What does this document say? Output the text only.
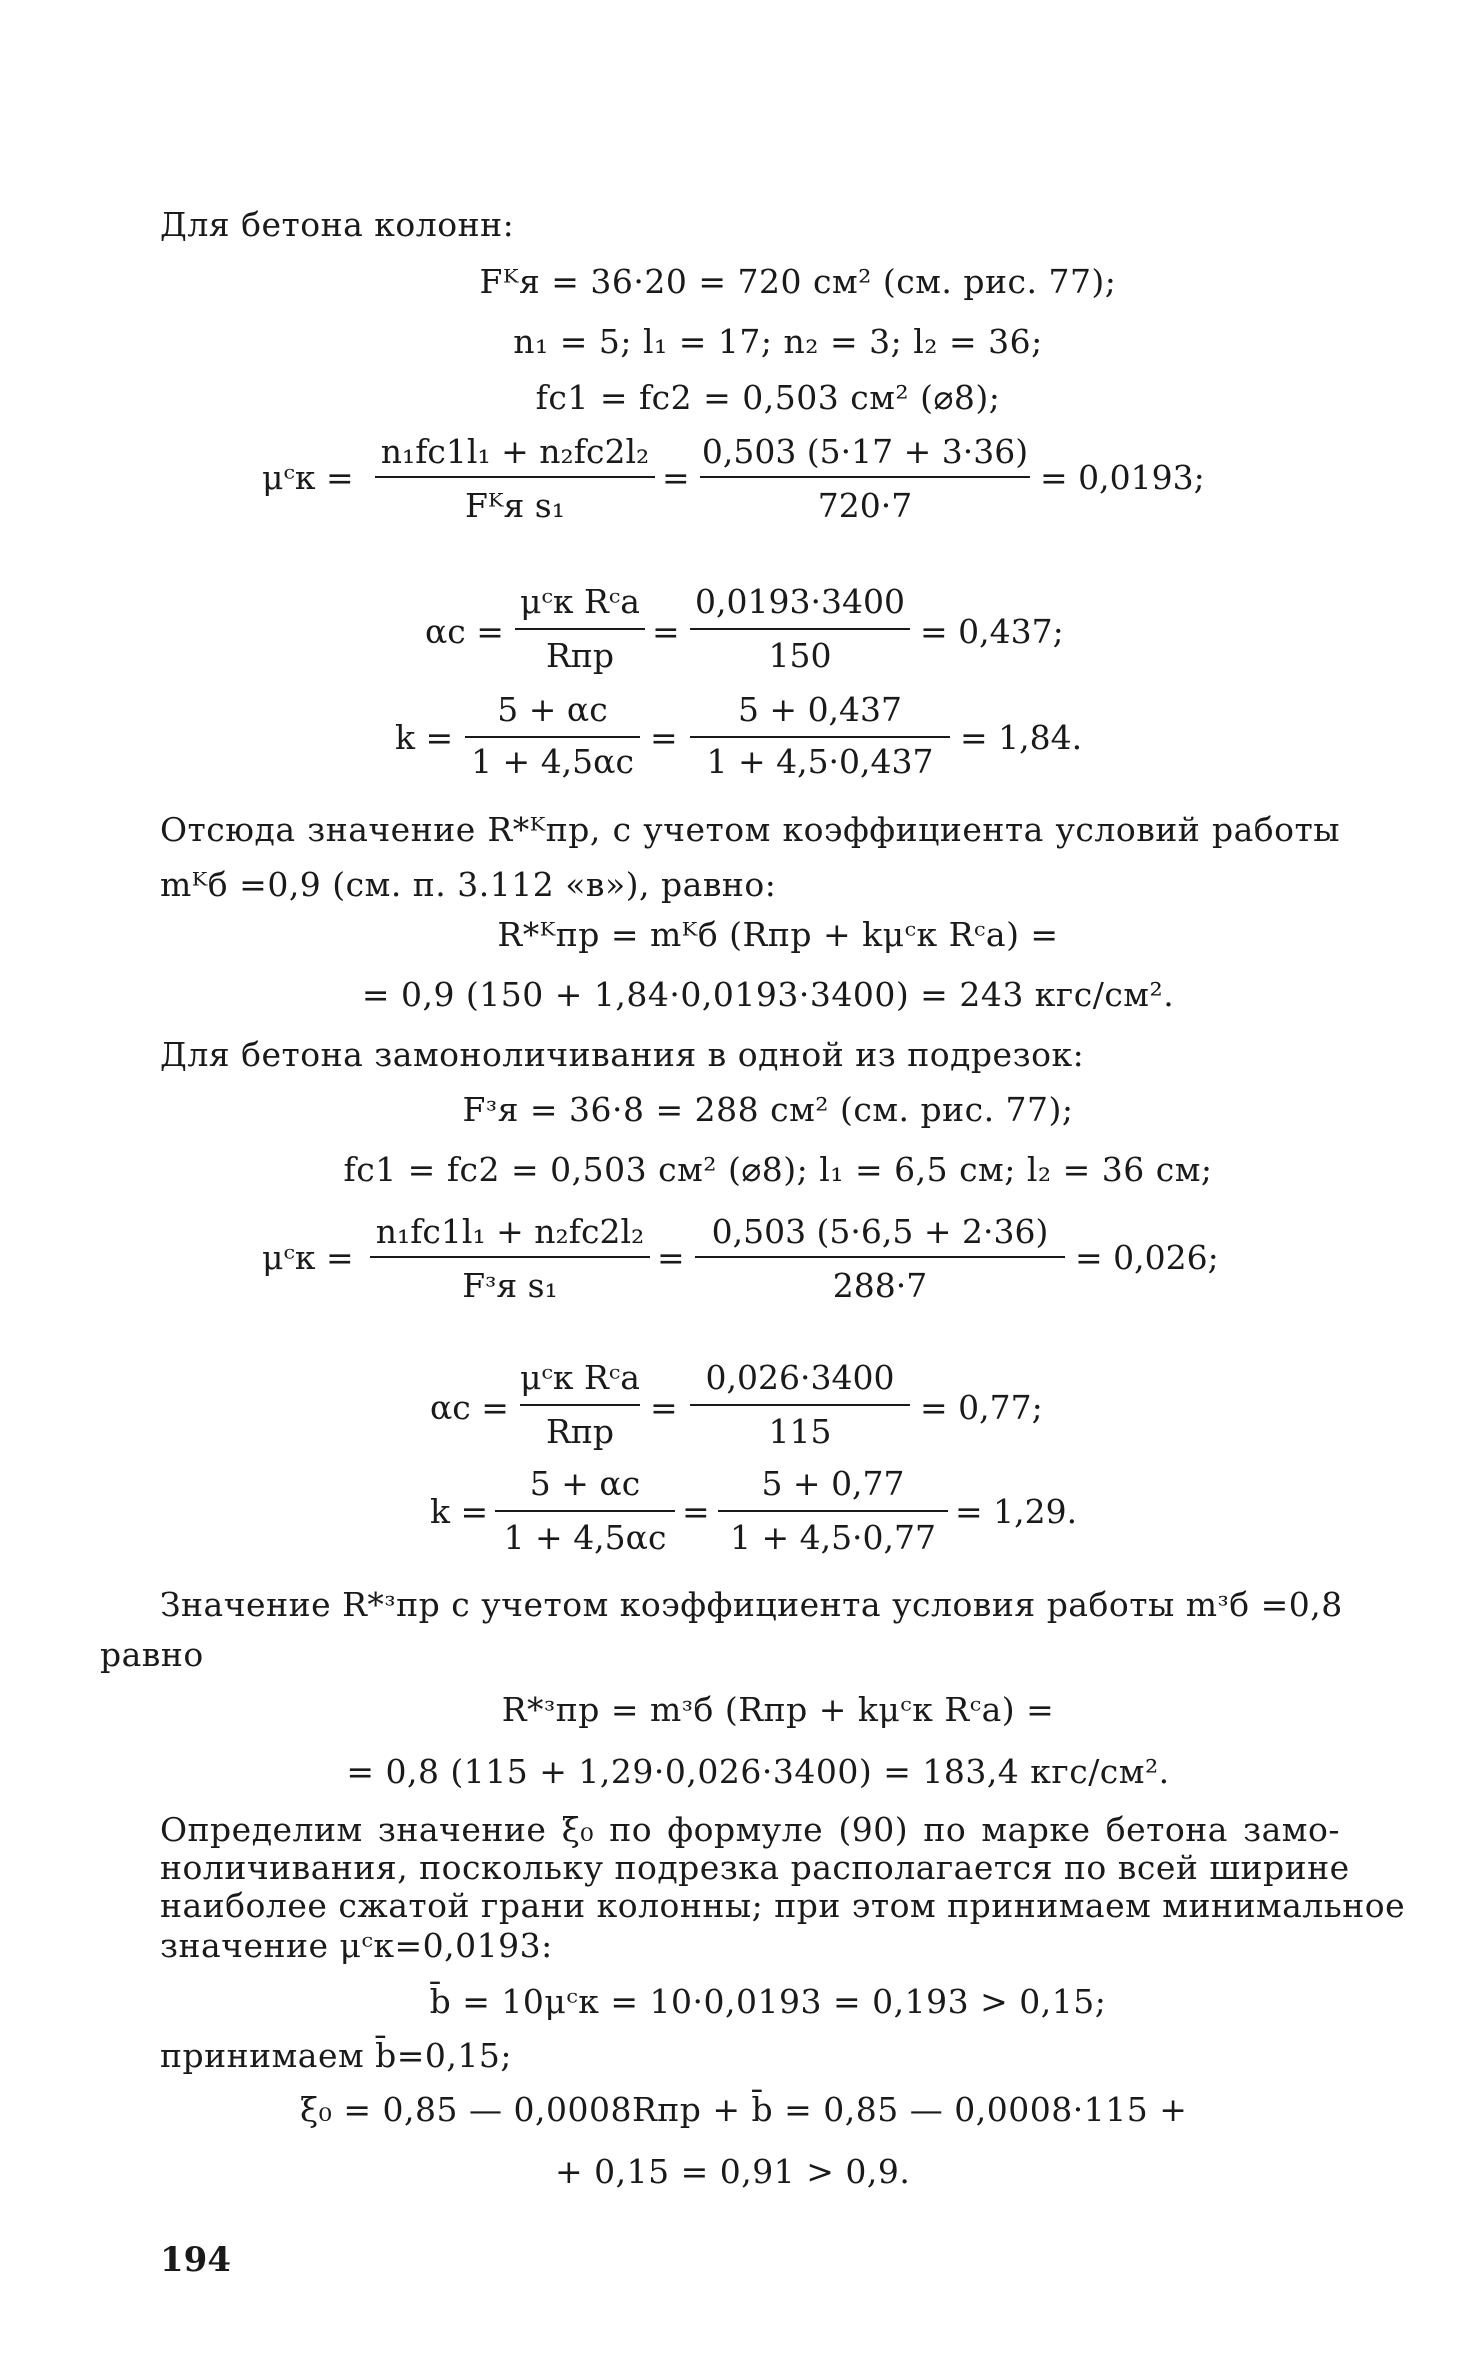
Для бетона колонн:
Fᴷя = 36·20 = 720 см² (см. рис. 77);
n₁ = 5; l₁ = 17; n₂ = 3; l₂ = 36;
fс1 = fс2 = 0,503 см² (⌀8);
μᶜк =
n₁fс1l₁ + n₂fс2l₂
Fᴷя s₁
=
0,503 (5·17 + 3·36)
720·7
= 0,0193;
αс =
μᶜк Rᶜа
Rпр
=
0,0193·3400
150
= 0,437;
k =
5 + αс
1 + 4,5αс
=
5 + 0,437
1 + 4,5·0,437
= 1,84.
Отсюда значение R*ᴷпр, с учетом коэффициента условий работы
mᴷб =0,9 (см. п. 3.112 «в»), равно:
R*ᴷпр = mᴷб (Rпр + kμᶜк Rᶜа) =
= 0,9 (150 + 1,84·0,0193·3400) = 243 кгс/см².
Для бетона замоноличивания в одной из подрезок:
Fᶟя = 36·8 = 288 см² (см. рис. 77);
fс1 = fс2 = 0,503 см² (⌀8); l₁ = 6,5 см; l₂ = 36 см;
μᶜк =
n₁fс1l₁ + n₂fс2l₂
Fᶟя s₁
=
0,503 (5·6,5 + 2·36)
288·7
= 0,026;
αс =
μᶜк Rᶜа
Rпр
=
0,026·3400
115
= 0,77;
k =
5 + αс
1 + 4,5αс
=
5 + 0,77
1 + 4,5·0,77
= 1,29.
Значение R*ᶟпр с учетом коэффициента условия работы mᶟб =0,8
равно
R*ᶟпр = mᶟб (Rпр + kμᶜк Rᶜа) =
= 0,8 (115 + 1,29·0,026·3400) = 183,4 кгс/см².
Определим значение ξ₀ по формуле (90) по марке бетона замо-
ноличивания, поскольку подрезка располагается по всей ширине
наиболее сжатой грани колонны; при этом принимаем минимальное
значение μᶜк=0,0193:
b̄ = 10μᶜк = 10·0,0193 = 0,193 > 0,15;
принимаем b̄=0,15;
ξ₀ = 0,85 — 0,0008Rпр + b̄ = 0,85 — 0,0008·115 +
+ 0,15 = 0,91 > 0,9.
194
